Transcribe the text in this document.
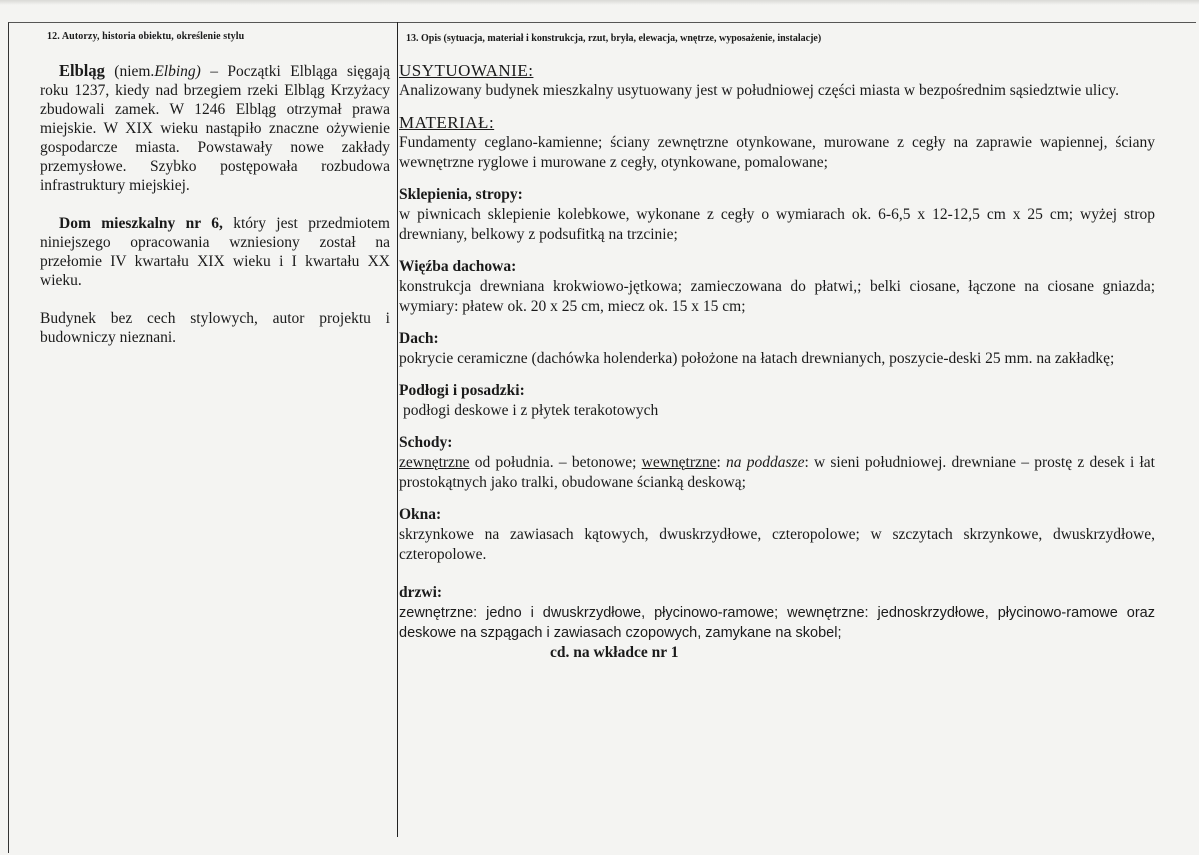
12. Autorzy, historia obiektu, określenie stylu	13. Opis (sytuacja, materiał i konstrukcja, rzut, bryła, elewacja, wnętrze, wyposażenie, instalacje)

Elbląg (niem.Elbing) – Początki Elbląga sięgają roku 1237, kiedy nad brzegiem rzeki Elbląg Krzyżacy zbudowali zamek. W 1246 Elbląg otrzymał prawa miejskie. W XIX wieku nastąpiło znaczne ożywienie gospodarcze miasta. Powstawały nowe zakłady przemysłowe. Szybko postępowała rozbudowa infrastruktury miejskiej.

Dom mieszkalny nr 6, który jest przedmiotem niniejszego opracowania wzniesiony został na przełomie IV kwartału XIX wieku i I kwartału XX wieku.

Budynek bez cech stylowych, autor projektu i budowniczy nieznani.

USYTUOWANIE:
Analizowany budynek mieszkalny usytuowany jest w południowej części miasta w bezpośrednim sąsiedztwie ulicy.
MATERIAŁ:
Fundamenty ceglano-kamienne; ściany zewnętrzne otynkowane, murowane z cegły na zaprawie wapiennej, ściany wewnętrzne ryglowe i murowane z cegły, otynkowane, pomalowane;
Sklepienia, stropy:
w piwnicach sklepienie kolebkowe, wykonane z cegły o wymiarach ok. 6-6,5 x 12-12,5 cm x 25 cm; wyżej strop drewniany, belkowy z podsufitką na trzcinie;
Więźba dachowa:
konstrukcja drewniana krokwiowo-jętkowa; zamieczowana do płatwi,; belki ciosane, łączone na ciosane gniazda; wymiary: płatew ok. 20 x 25 cm, miecz ok. 15 x 15 cm;
Dach:
pokrycie ceramiczne (dachówka holenderka) położone na łatach drewnianych, poszycie-deski 25 mm. na zakładkę;
Podłogi i posadzki:
podłogi deskowe i z płytek terakotowych
Schody:
zewnętrzne od południa. – betonowe; wewnętrzne: na poddasze: w sieni południowej. drewniane – prostę z desek i łat prostokątnych jako tralki, obudowane ścianką deskową;
Okna:
skrzynkowe na zawiasach kątowych, dwuskrzydłowe, czteropolowe; w szczytach skrzynkowe, dwuskrzydłowe, czteropolowe.
drzwi:
zewnętrzne: jedno i dwuskrzydłowe, płycinowo-ramowe; wewnętrzne: jednoskrzydłowe, płycinowo-ramowe oraz deskowe na szpągach i zawiasach czopowych, zamykane na skobel;
cd. na wkładce nr 1
